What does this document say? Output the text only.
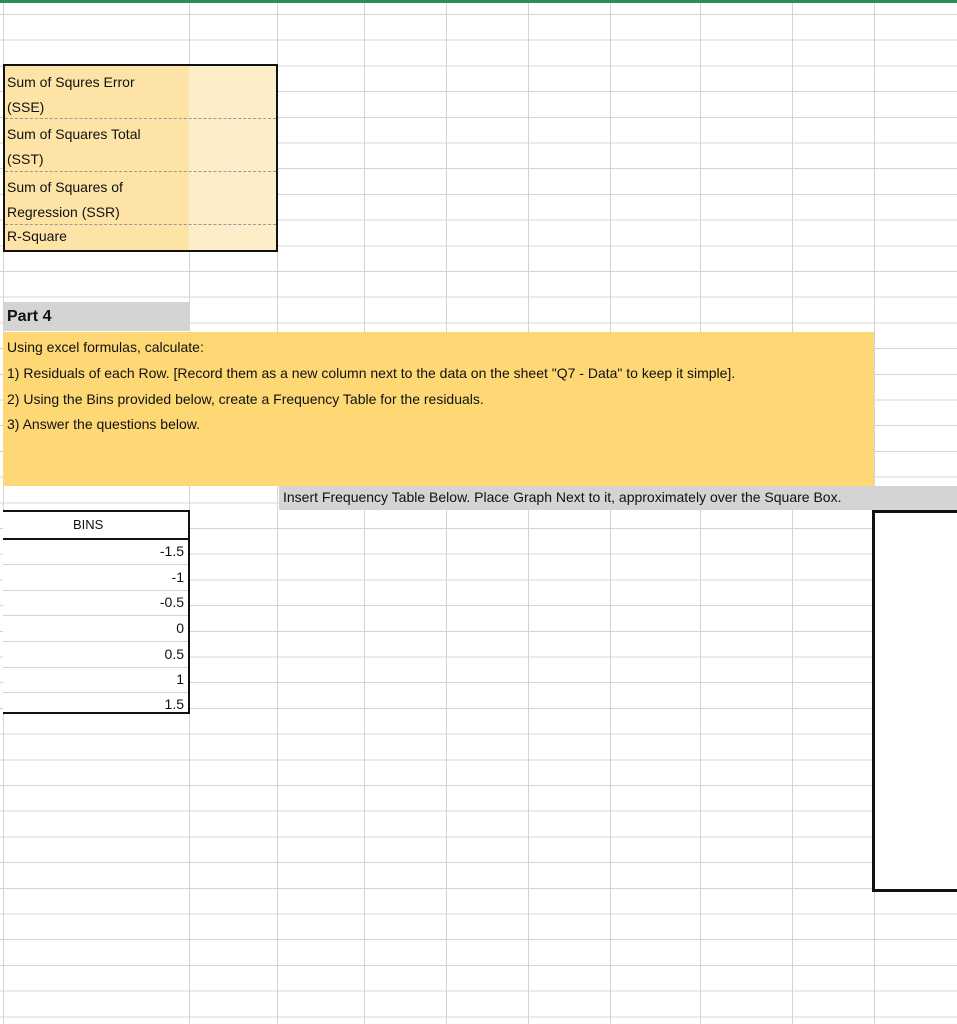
Sum of Squres Error
(SSE)
Sum of Squares Total
(SST)
Sum of Squares of
Regression (SSR)
R-Square
Part 4
Using excel formulas, calculate:
1) Residuals of each Row. [Record them as a new column next to the data on the sheet "Q7 - Data" to keep it simple].
2) Using the Bins provided below, create a Frequency Table for the residuals.
3) Answer the questions below.
Insert Frequency Table Below. Place Graph Next to it, approximately over the Square Box.
BINS
-1.5
-1
-0.5
0
0.5
1
1.5
